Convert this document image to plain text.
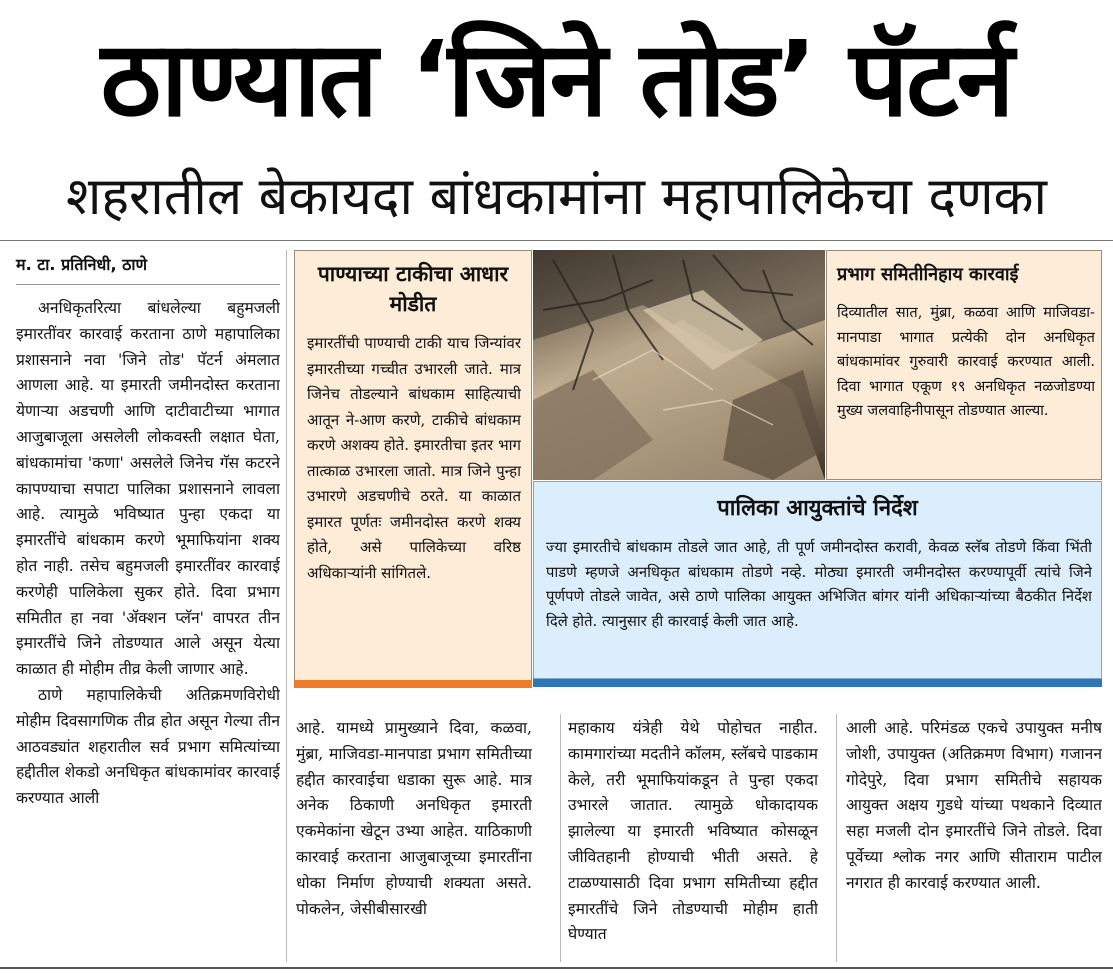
ठाण्यात ‘जिने तोड’ पॅटर्न
शहरातील बेकायदा बांधकामांना महापालिकेचा दणका
म. टा. प्रतिनिधी, ठाणे

अनधिकृतरित्या बांधलेल्या बहुमजली इमारतींवर कारवाई करताना ठाणे महापालिका प्रशासनाने नवा 'जिने तोड' पॅटर्न अंमलात आणला आहे. या इमारती जमीनदोस्त करताना येणाऱ्या अडचणी आणि दाटीवाटीच्या भागात आजुबाजूला असलेली लोकवस्ती लक्षात घेता, बांधकामांचा 'कणा' असलेले जिनेच गॅस कटरने कापण्याचा सपाटा पालिका प्रशासनाने लावला आहे. त्यामुळे भविष्यात पुन्हा एकदा या इमारतींचे बांधकाम करणे भूमाफियांना शक्य होत नाही. तसेच बहुमजली इमारतींवर कारवाई करणेही पालिकेला सुकर होते. दिवा प्रभाग समितीत हा नवा 'ॲक्शन प्लॅन' वापरत तीन इमारतींचे जिने तोडण्यात आले असून येत्या काळात ही मोहीम तीव्र केली जाणार आहे.

ठाणे महापालिकेची अतिक्रमणविरोधी मोहीम दिवसागणिक तीव्र होत असून गेल्या तीन आठवड्यांत शहरातील सर्व प्रभाग समित्यांच्या हद्दीतील शेकडो अनधिकृत बांधकामांवर कारवाई करण्यात आली

पाण्याच्या टाकीचा आधार मोडीत
इमारतींची पाण्याची टाकी याच जिन्यांवर इमारतीच्या गच्चीत उभारली जाते. मात्र जिनेच तोडल्याने बांधकाम साहित्याची आतून ने-आण करणे, टाकीचे बांधकाम करणे अशक्य होते. इमारतीचा इतर भाग तात्काळ उभारला जातो. मात्र जिने पुन्हा उभारणे अडचणीचे ठरते. या काळात इमारत पूर्णतः जमीनदोस्त करणे शक्य होते, असे पालिकेच्या वरिष्ठ अधिकाऱ्यांनी सांगितले.
प्रभाग समितीनिहाय कारवाई
दिव्यातील सात, मुंब्रा, कळवा आणि माजिवडा-मानपाडा भागात प्रत्येकी दोन अनधिकृत बांधकामांवर गुरुवारी कारवाई करण्यात आली. दिवा भागात एकूण १९ अनधिकृत नळजोडण्या मुख्य जलवाहिनीपासून तोडण्यात आल्या.
पालिका आयुक्तांचे निर्देश
ज्या इमारतीचे बांधकाम तोडले जात आहे, ती पूर्ण जमीनदोस्त करावी, केवळ स्लॅब तोडणे किंवा भिंती पाडणे म्हणजे अनधिकृत बांधकाम तोडणे नव्हे. मोठ्या इमारती जमीनदोस्त करण्यापूर्वी त्यांचे जिने पूर्णपणे तोडले जावेत, असे ठाणे पालिका आयुक्त अभिजित बांगर यांनी अधिकाऱ्यांच्या बैठकीत निर्देश दिले होते. त्यानुसार ही कारवाई केली जात आहे.
आहे. यामध्ये प्रामुख्याने दिवा, कळवा, मुंब्रा, माजिवडा-मानपाडा प्रभाग समितीच्या हद्दीत कारवाईचा धडाका सुरू आहे. मात्र अनेक ठिकाणी अनधिकृत इमारती एकमेकांना खेटून उभ्या आहेत. याठिकाणी कारवाई करताना आजुबाजूच्या इमारतींना धोका निर्माण होण्याची शक्यता असते. पोकलेन, जेसीबीसारखी
महाकाय यंत्रेही येथे पोहोचत नाहीत. कामगारांच्या मदतीने कॉलम, स्लॅबचे पाडकाम केले, तरी भूमाफियांकडून ते पुन्हा एकदा उभारले जातात. त्यामुळे धोकादायक झालेल्या या इमारती भविष्यात कोसळून जीवितहानी होण्याची भीती असते. हे टाळण्यासाठी दिवा प्रभाग समितीच्या हद्दीत इमारतींचे जिने तोडण्याची मोहीम हाती घेण्यात
आली आहे. परिमंडळ एकचे उपायुक्त मनीष जोशी, उपायुक्त (अतिक्रमण विभाग) गजानन गोदेपुरे, दिवा प्रभाग समितीचे सहायक आयुक्त अक्षय गुडधे यांच्या पथकाने दिव्यात सहा मजली दोन इमारतींचे जिने तोडले. दिवा पूर्वेच्या श्लोक नगर आणि सीताराम पाटील नगरात ही कारवाई करण्यात आली.
